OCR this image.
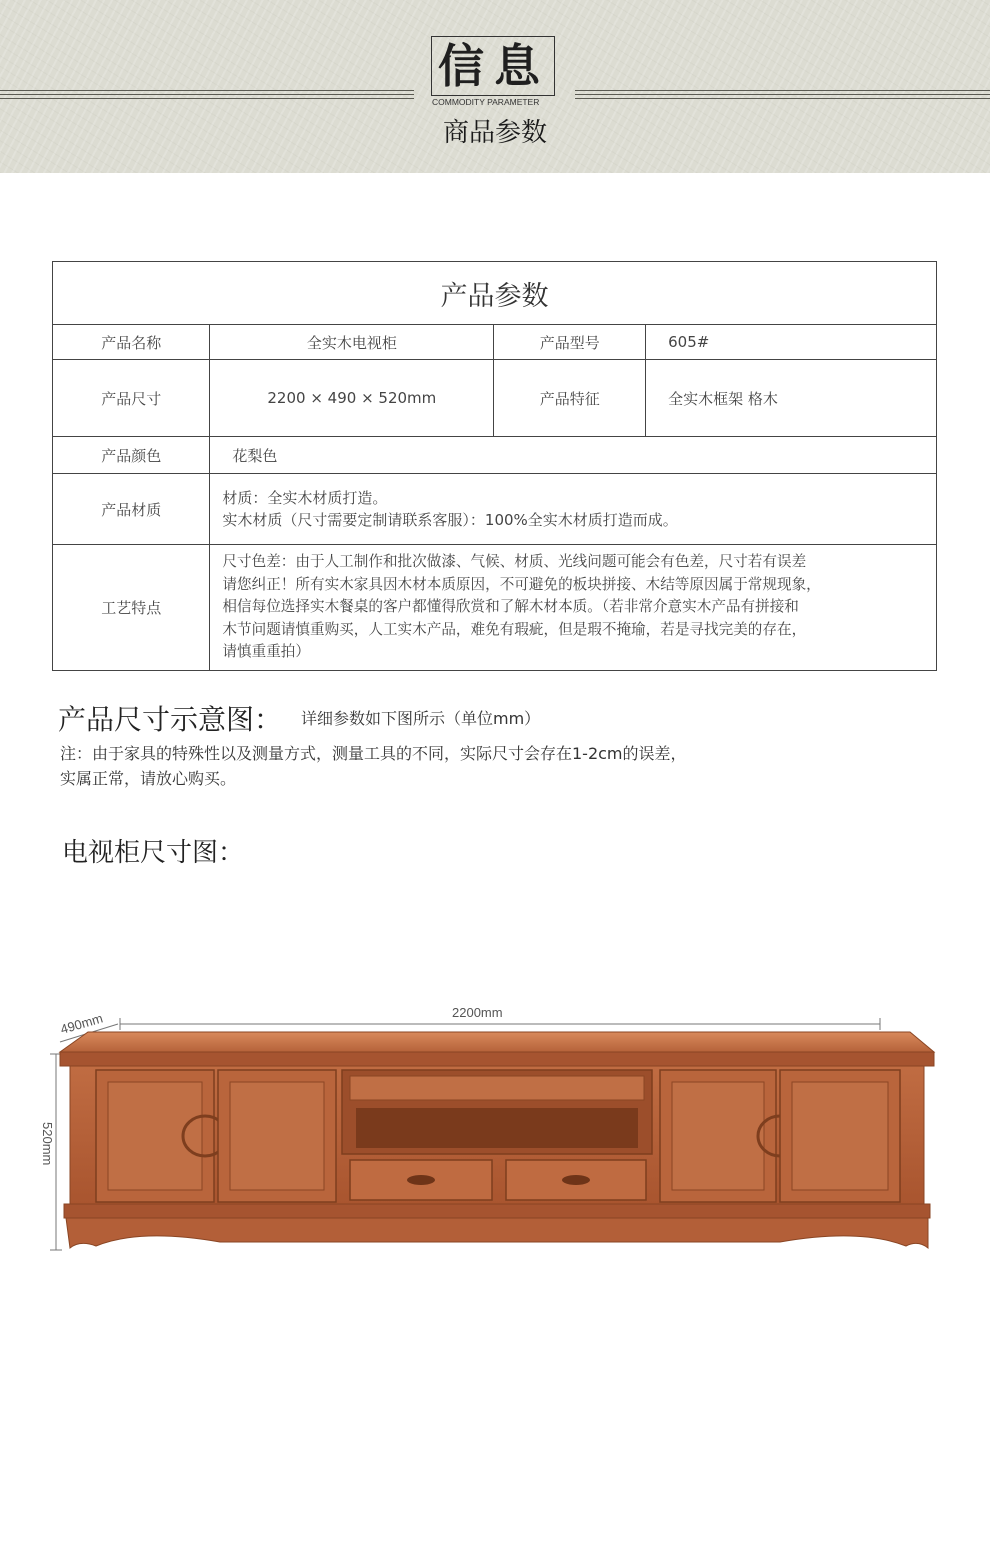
信息
COMMODITY PARAMETER
商品参数
产品参数			
产品名称	全实木电视柜	产品型号	605#
产品尺寸	2200 × 490 × 520mm	产品特征	全实木框架 格木
产品颜色	花梨色		
产品材质	材质：全实木材质打造。
实木材质（尺寸需要定制请联系客服）：100%全实木材质打造而成。		

工艺特点	尺寸色差：由于人工制作和批次做漆、气候、材质、光线问题可能会有色差，尺寸若有误差
请您纠正！所有实木家具因木材本质原因，不可避免的板块拼接、木结等原因属于常规现象，
相信每位选择实木餐桌的客户都懂得欣赏和了解木材本质。（若非常介意实木产品有拼接和
木节问题请慎重购买，人工实木产品，难免有瑕疵，但是瑕不掩瑜，若是寻找完美的存在，
请慎重重拍）		
产品尺寸示意图： 详细参数如下图所示（单位mm）
注：由于家具的特殊性以及测量方式，测量工具的不同，实际尺寸会存在1-2cm的误差，
实属正常，请放心购买。
电视柜尺寸图：
2200mm
490mm
520mm
